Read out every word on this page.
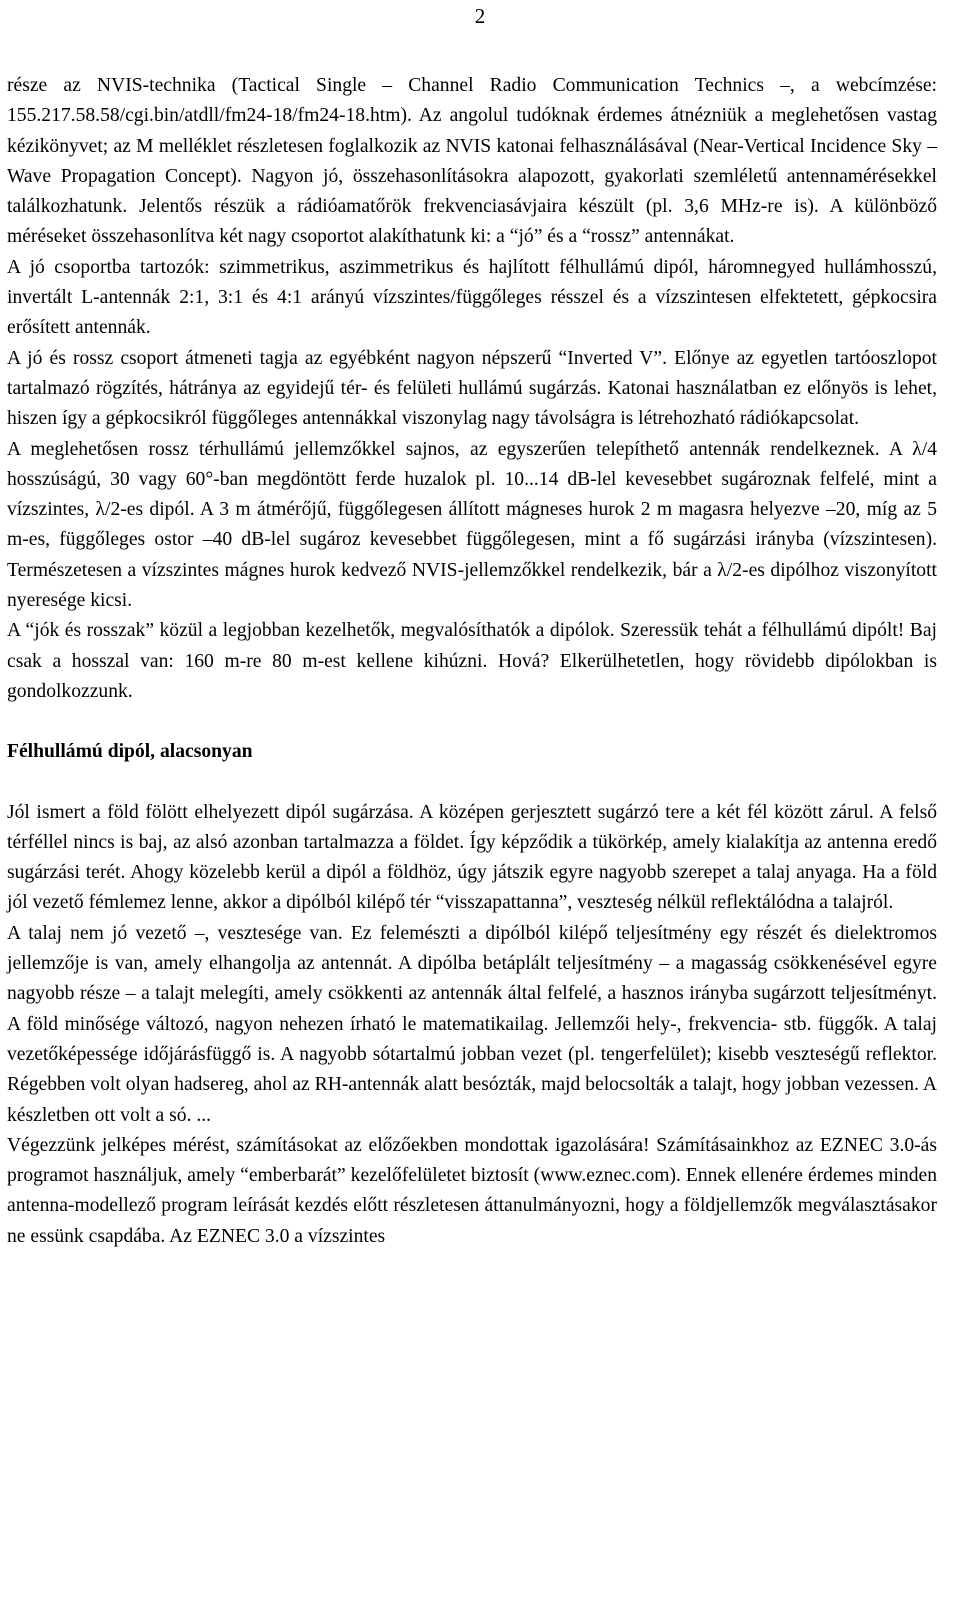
2

része az NVIS-technika (Tactical Single – Channel Radio Communication Technics –, a webcímzése: 155.217.58.58/cgi.bin/atdll/fm24-18/fm24-18.htm). Az angolul tudóknak érdemes átnézniük a meglehetősen vastag kézikönyvet; az M melléklet részletesen foglalkozik az NVIS katonai felhasználásával (Near-Vertical Incidence Sky – Wave Propagation Concept). Nagyon jó, összehasonlításokra alapozott, gyakorlati szemléletű antennamérésekkel találkozhatunk. Jelentős részük a rádióamatőrök frekvenciasávjaira készült (pl. 3,6 MHz-re is). A különböző méréseket összehasonlítva két nagy csoportot alakíthatunk ki: a “jó” és a “rossz” antennákat.

A jó csoportba tartozók: szimmetrikus, aszimmetrikus és hajlított félhullámú dipól, háromnegyed hullámhosszú, invertált L-antennák 2:1, 3:1 és 4:1 arányú vízszintes/függőleges résszel és a vízszintesen elfektetett, gépkocsira erősített antennák.

A jó és rossz csoport átmeneti tagja az egyébként nagyon népszerű “Inverted V”. Előnye az egyetlen tartóoszlopot tartalmazó rögzítés, hátránya az egyidejű tér- és felületi hullámú sugárzás. Katonai használatban ez előnyös is lehet, hiszen így a gépkocsikról függőleges antennákkal viszonylag nagy távolságra is létrehozható rádiókapcsolat.

A meglehetősen rossz térhullámú jellemzőkkel sajnos, az egyszerűen telepíthető antennák rendelkeznek. A λ/4 hosszúságú, 30 vagy 60°-ban megdöntött ferde huzalok pl. 10...14 dB-lel kevesebbet sugároznak felfelé, mint a vízszintes, λ/2-es dipól. A 3 m átmérőjű, függőlegesen állított mágneses hurok 2 m magasra helyezve –20, míg az 5 m-es, függőleges ostor –40 dB-lel sugároz kevesebbet függőlegesen, mint a fő sugárzási irányba (vízszintesen). Természetesen a vízszintes mágnes hurok kedvező NVIS-jellemzőkkel rendelkezik, bár a λ/2-es dipólhoz viszonyított nyeresége kicsi.

A “jók és rosszak” közül a legjobban kezelhetők, megvalósíthatók a dipólok. Szeressük tehát a félhullámú dipólt! Baj csak a hosszal van: 160 m-re 80 m-est kellene kihúzni. Hová? Elkerülhetetlen, hogy rövidebb dipólokban is gondolkozzunk.

Félhullámú dipól, alacsonyan

Jól ismert a föld fölött elhelyezett dipól sugárzása. A középen gerjesztett sugárzó tere a két fél között zárul. A felső térféllel nincs is baj, az alsó azonban tartalmazza a földet. Így képződik a tükörkép, amely kialakítja az antenna eredő sugárzási terét. Ahogy közelebb kerül a dipól a földhöz, úgy játszik egyre nagyobb szerepet a talaj anyaga. Ha a föld jól vezető fémlemez lenne, akkor a dipólból kilépő tér “visszapattanna”, veszteség nélkül reflektálódna a talajról.

A talaj nem jó vezető –, vesztesége van. Ez felemészti a dipólból kilépő teljesítmény egy részét és dielektromos jellemzője is van, amely elhangolja az antennát. A dipólba betáplált teljesítmény – a magasság csökkenésével egyre nagyobb része – a talajt melegíti, amely csökkenti az antennák által felfelé, a hasznos irányba sugárzott teljesítményt. A föld minősége változó, nagyon nehezen írható le matematikailag. Jellemzői hely-, frekvencia- stb. függők. A talaj vezetőképessége időjárásfüggő is. A nagyobb sótartalmú jobban vezet (pl. tengerfelület); kisebb veszteségű reflektor. Régebben volt olyan hadsereg, ahol az RH-antennák alatt besózták, majd belocsolták a talajt, hogy jobban vezessen. A készletben ott volt a só. ...

Végezzünk jelképes mérést, számításokat az előzőekben mondottak igazolására! Számításainkhoz az EZNEC 3.0-ás programot használjuk, amely “emberbarát” kezelőfelületet biztosít (www.eznec.com). Ennek ellenére érdemes minden antenna-modellező program leírását kezdés előtt részletesen áttanulmányozni, hogy a földjellemzők megválasztásakor ne essünk csapdába. Az EZNEC 3.0 a vízszintes
